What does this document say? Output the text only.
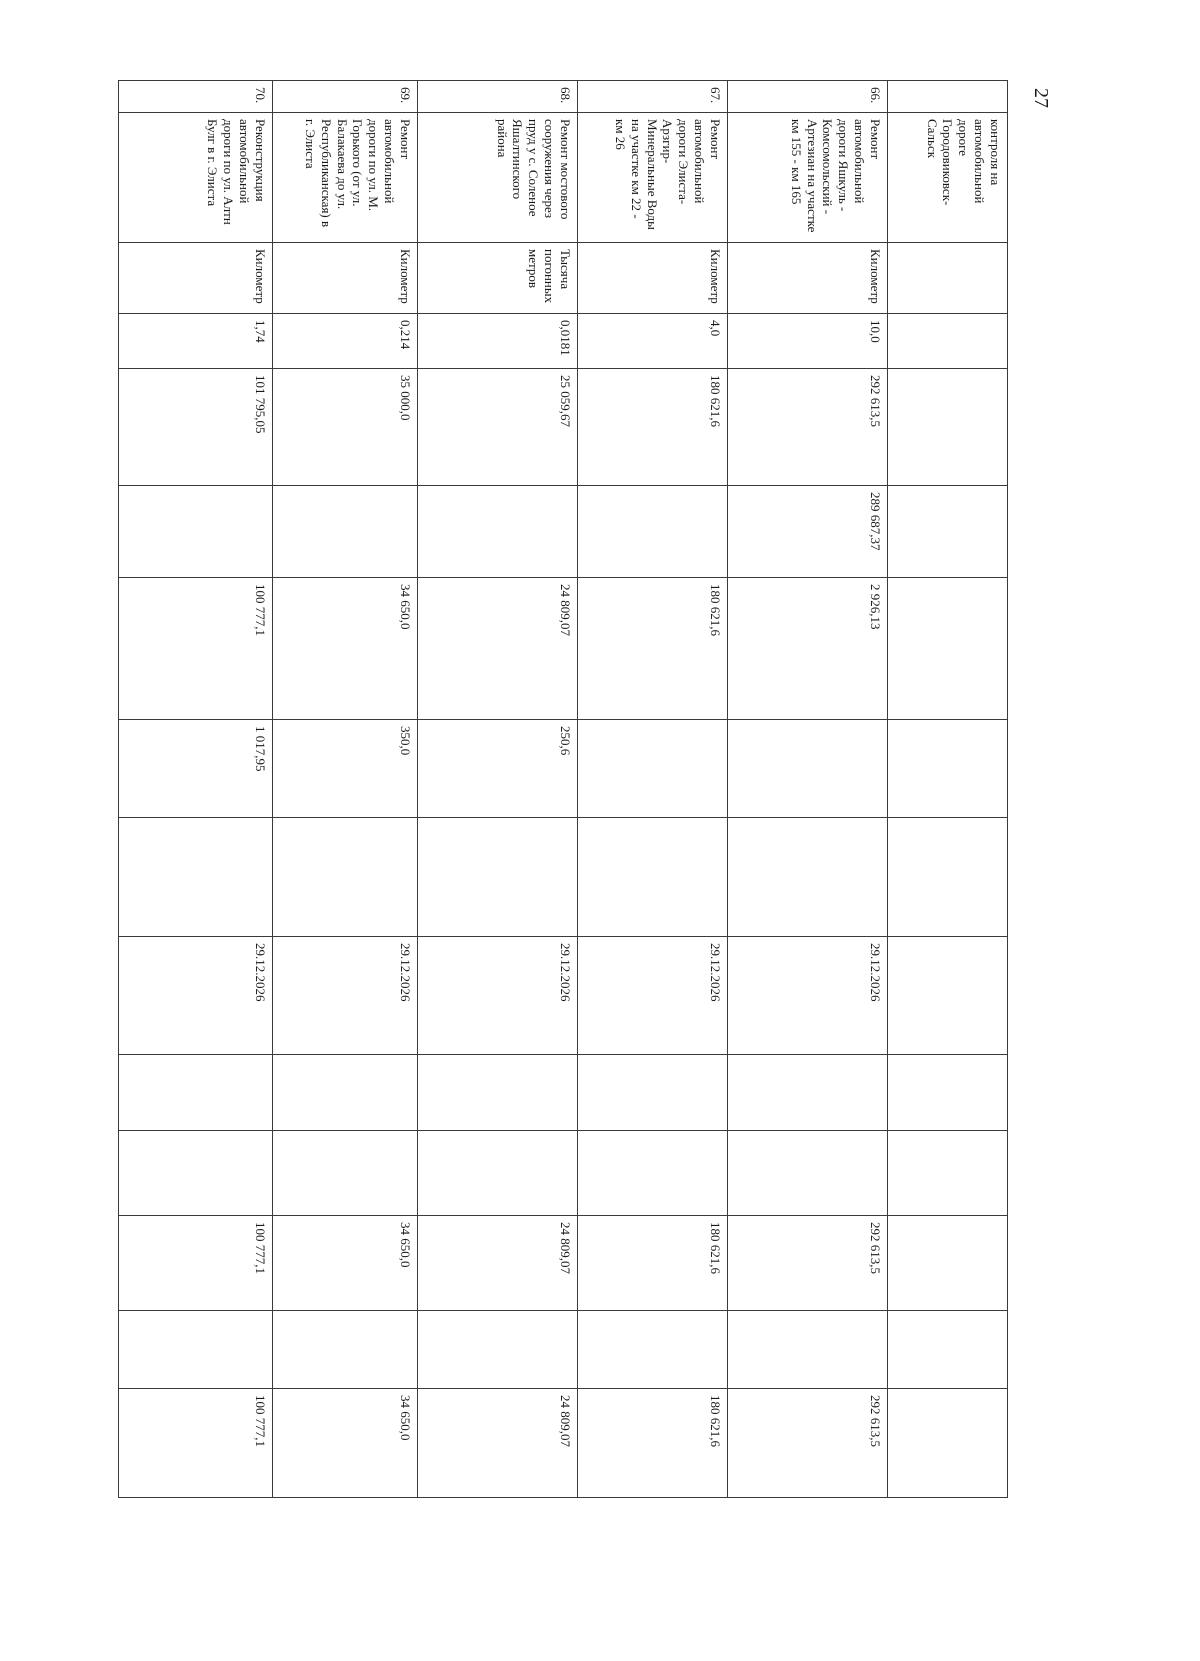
27
	контроля на автомобильной дороге Городовиковск-Сальск													
66.	Ремонт автомобильной дороги Яшкуль - Комсомольский - Артезиан на участке км 155 - км 165	Километр	10,0	292 613,5	289 687,37	2 926,13			29.12.2026			292 613,5		292 613,5
67.	Ремонт автомобильной дороги Элиста-Арзгир-Минеральные Воды на участке км 22 - км 26	Километр	4,0	180 621,6		180 621,6			29.12.2026			180 621,6		180 621,6
68.	Ремонт мостового сооружения через пруд у с. Соленое Яшалтинского района	Тысяча погонных метров	0,0181	25 059,67		24 809,07	250,6		29.12.2026			24 809,07		24 809,07
69.	Ремонт автомобильной дороги по ул. М. Горького (от ул. Балакаева до ул. Республиканская) в г. Элиста	Километр	0,214	35 000,0		34 650,0	350,0		29.12.2026			34 650,0		34 650,0
70.	Реконструкция автомобильной дороги по ул. Алтн Булг в г. Элиста	Километр	1,74	101 795,05		100 777,1	1 017,95		29.12.2026			100 777,1		100 777,1
